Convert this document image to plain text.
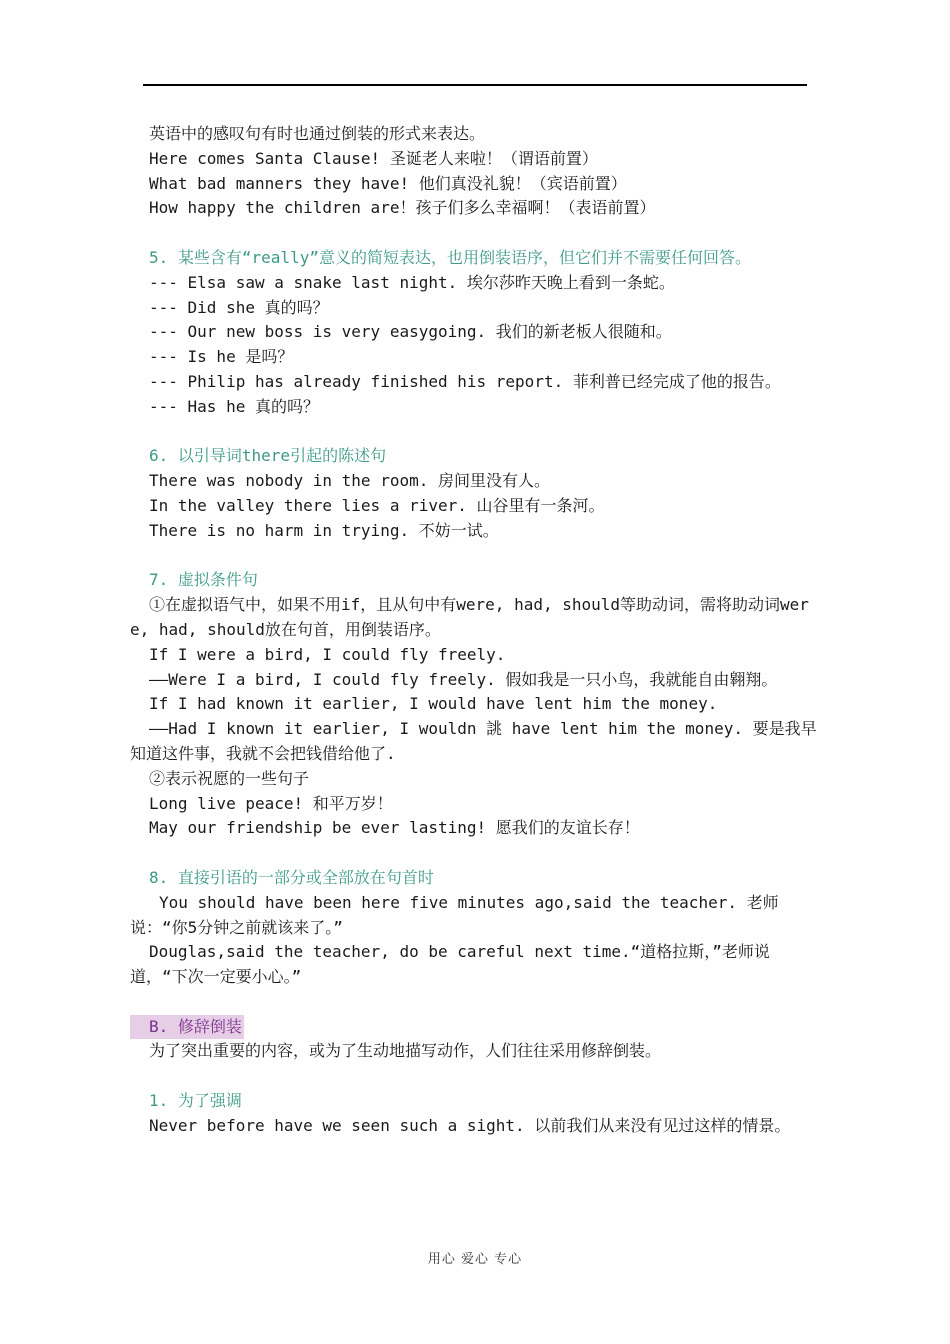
英语中的感叹句有时也通过倒装的形式来表达。

Here comes Santa Clause! 圣诞老人来啦！（谓语前置）

What bad manners they have! 他们真没礼貌！（宾语前置）

How happy the children are！孩子们多么幸福啊！（表语前置）

5. 某些含有“really”意义的简短表达，也用倒装语序，但它们并不需要任何回答。

--- Elsa saw a snake last night. 埃尔莎昨天晚上看到一条蛇。

--- Did she 真的吗？

--- Our new boss is very easygoing. 我们的新老板人很随和。

--- Is he 是吗？

--- Philip has already finished his report. 菲利普已经完成了他的报告。

--- Has he 真的吗？

6. 以引导词there引起的陈述句

There was nobody in the room. 房间里没有人。

In the valley there lies a river. 山谷里有一条河。

There is no harm in trying. 不妨一试。

7. 虚拟条件句

①在虚拟语气中，如果不用if，且从句中有were, had, should等助动词，需将助动词were, had, should放在句首，用倒装语序。

If I were a bird, I could fly freely.

——Were I a bird, I could fly freely. 假如我是一只小鸟，我就能自由翱翔。

If I had known it earlier, I would have lent him the money.

——Had I known it earlier, I wouldn 誂 have lent him the money. 要是我早知道这件事，我就不会把钱借给他了.

②表示祝愿的一些句子

Long live peace! 和平万岁！

May our friendship be ever lasting! 愿我们的友谊长存！

8. 直接引语的一部分或全部放在句首时

You should have been here five minutes ago,said the teacher. 老师说：“你5分钟之前就该来了。”

Douglas,said the teacher, do be careful next time.“道格拉斯，”老师说道，“下次一定要小心。”

B. 修辞倒装

为了突出重要的内容，或为了生动地描写动作，人们往往采用修辞倒装。

1. 为了强调

Never before have we seen such a sight. 以前我们从来没有见过这样的情景。

用心 爱心 专心
